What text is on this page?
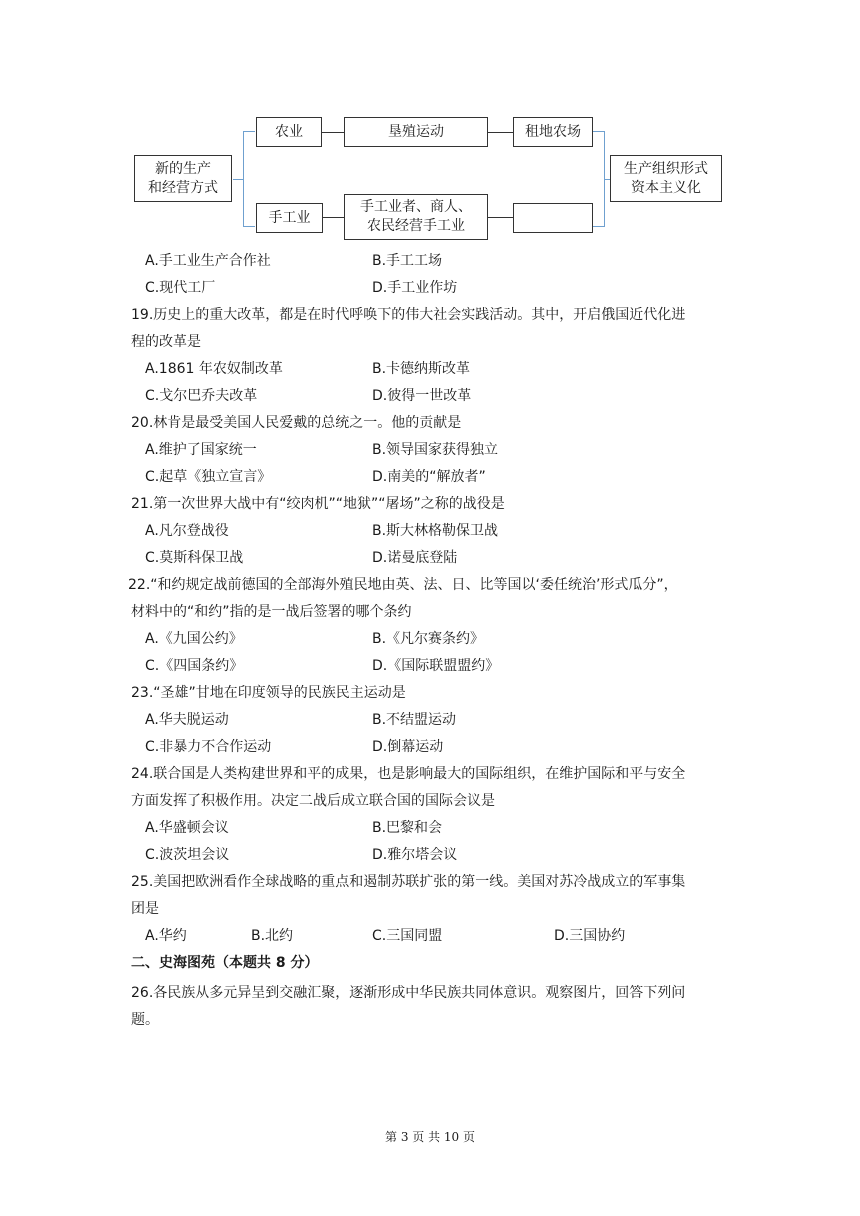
新的生产
和经营方式
农业	垦殖运动	租地农场
手工业
手工业者、商人、
农民经营手工业
生产组织形式
资本主义化
A.手工业生产合作社	B.手工工场
C.现代工厂	D.手工业作坊
19.历史上的重大改革，都是在时代呼唤下的伟大社会实践活动。其中，开启俄国近代化进
程的改革是
A.1861 年农奴制改革	B.卡德纳斯改革
C.戈尔巴乔夫改革	D.彼得一世改革
20.林肯是最受美国人民爱戴的总统之一。他的贡献是
A.维护了国家统一	B.领导国家获得独立
C.起草《独立宣言》	D.南美的“解放者”
21.第一次世界大战中有“绞肉机”“地狱”“屠场”之称的战役是
A.凡尔登战役	B.斯大林格勒保卫战
C.莫斯科保卫战	D.诺曼底登陆
22.“和约规定战前德国的全部海外殖民地由英、法、日、比等国以‘委任统治’形式瓜分”，
材料中的“和约”指的是一战后签署的哪个条约
A.《九国公约》	B.《凡尔赛条约》
C.《四国条约》	D.《国际联盟盟约》
23.“圣雄”甘地在印度领导的民族民主运动是
A.华夫脱运动	B.不结盟运动
C.非暴力不合作运动	D.倒幕运动
24.联合国是人类构建世界和平的成果，也是影响最大的国际组织，在维护国际和平与安全
方面发挥了积极作用。决定二战后成立联合国的国际会议是
A.华盛顿会议	B.巴黎和会
C.波茨坦会议	D.雅尔塔会议
25.美国把欧洲看作全球战略的重点和遏制苏联扩张的第一线。美国对苏冷战成立的军事集
团是
A.华约	B.北约	C.三国同盟	D.三国协约
二、史海图苑（本题共 8 分）
26.各民族从多元异呈到交融汇聚，逐渐形成中华民族共同体意识。观察图片，回答下列问
题。
第 3 页 共 10 页
